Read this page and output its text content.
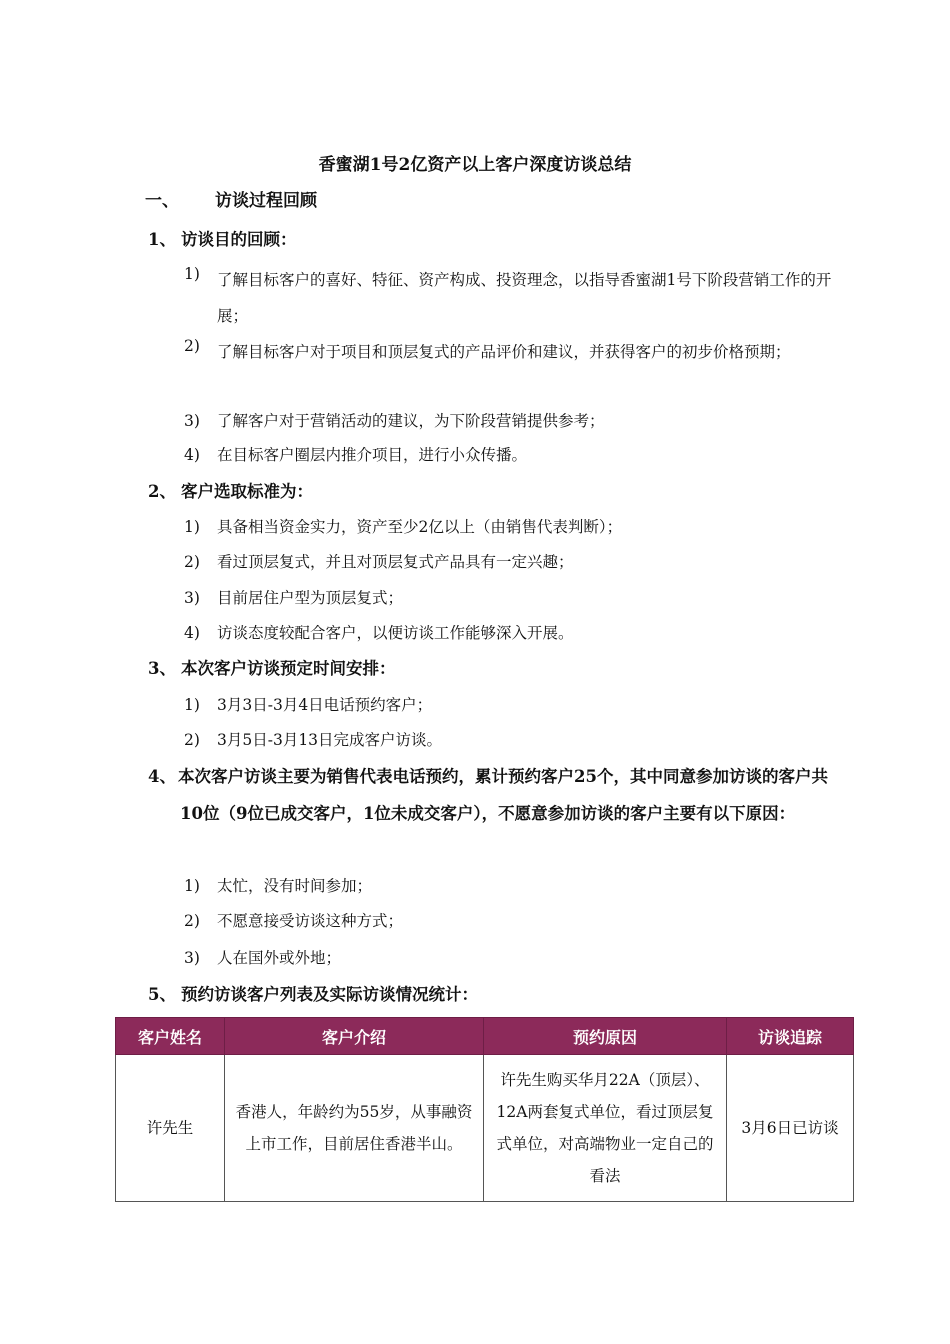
香蜜湖1号2亿资产以上客户深度访谈总结
一、 访谈过程回顾
1、 访谈目的回顾：
1) 了解目标客户的喜好、特征、资产构成、投资理念，以指导香蜜湖1号下阶段营销工作的开展；
2) 了解目标客户对于项目和顶层复式的产品评价和建议，并获得客户的初步价格预期；
3) 了解客户对于营销活动的建议，为下阶段营销提供参考；
4) 在目标客户圈层内推介项目，进行小众传播。
2、 客户选取标准为：
1) 具备相当资金实力，资产至少2亿以上（由销售代表判断）；
2) 看过顶层复式，并且对顶层复式产品具有一定兴趣；
3) 目前居住户型为顶层复式；
4) 访谈态度较配合客户，以便访谈工作能够深入开展。
3、 本次客户访谈预定时间安排：
1) 3月3日-3月4日电话预约客户；
2) 3月5日-3月13日完成客户访谈。
4、 本次客户访谈主要为销售代表电话预约，累计预约客户25个，其中同意参加访谈的客户共10位（9位已成交客户，1位未成交客户），不愿意参加访谈的客户主要有以下原因：
1) 太忙，没有时间参加；
2) 不愿意接受访谈这种方式；
3) 人在国外或外地；
5、 预约访谈客户列表及实际访谈情况统计：
客户姓名	客户介绍	预约原因	访谈追踪
许先生	香港人，年龄约为55岁，从事融资上市工作，目前居住香港半山。	许先生购买华月22A（顶层）、12A两套复式单位，看过顶层复式单位，对高端物业一定自己的看法	3月6日已访谈
